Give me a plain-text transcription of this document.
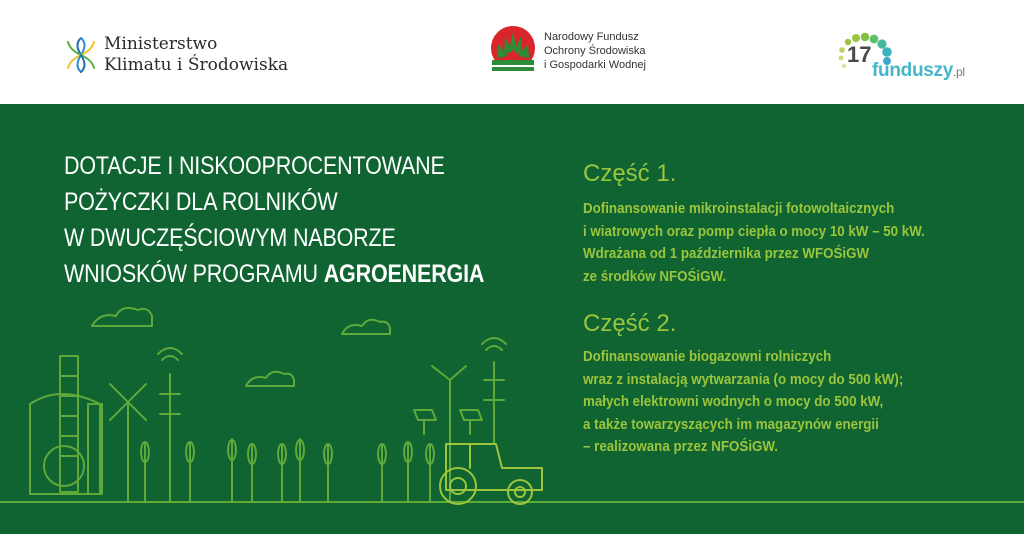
Ministerstwo
Klimatu i Środowiska
Narodowy Fundusz
Ochrony Środowiska
i Gospodarki Wodnej	17
funduszy.pl
DOTACJE I NISKOOPROCENTOWANE
POŻYCZKI DLA ROLNIKÓW
W DWUCZĘŚCIOWYM NABORZE
WNIOSKÓW PROGRAMU AGROENERGIA
Część 1.
Dofinansowanie mikroinstalacji fotowoltaicznych
i wiatrowych oraz pomp ciepła o mocy 10 kW – 50 kW.
Wdrażana od 1 października przez WFOŚiGW
ze środków NFOŚiGW.
Część 2.
Dofinansowanie biogazowni rolniczych
wraz z instalacją wytwarzania (o mocy do 500 kW);
małych elektrowni wodnych o mocy do 500 kW,
a także towarzyszących im magazynów energii
– realizowana przez NFOŚiGW.
